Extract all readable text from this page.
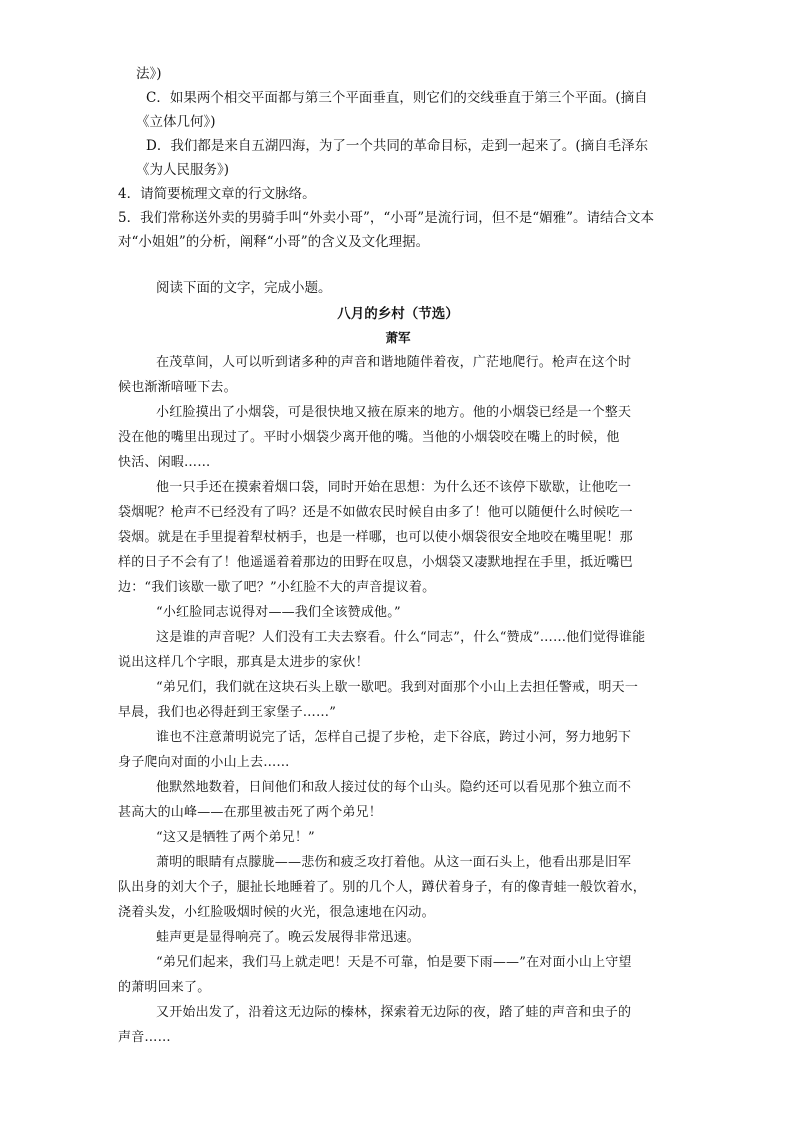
法》)
C．如果两个相交平面都与第三个平面垂直，则它们的交线垂直于第三个平面。(摘自
《立体几何》)
D．我们都是来自五湖四海，为了一个共同的革命目标，走到一起来了。(摘自毛泽东
《为人民服务》)
4．请简要梳理文章的行文脉络。
5．我们常称送外卖的男骑手叫“外卖小哥”，“小哥”是流行词，但不是“媚雅”。请结合文本
对“小姐姐”的分析，阐释“小哥”的含义及文化理据。
阅读下面的文字，完成小题。
八月的乡村（节选）
萧军
在茂草间，人可以听到诸多种的声音和谐地随伴着夜，广茫地爬行。枪声在这个时
候也渐渐喑哑下去。
小红脸摸出了小烟袋，可是很快地又掖在原来的地方。他的小烟袋已经是一个整天
没在他的嘴里出现过了。平时小烟袋少离开他的嘴。当他的小烟袋咬在嘴上的时候，他
快活、闲暇……
他一只手还在摸索着烟口袋，同时开始在思想：为什么还不该停下歇歇，让他吃一
袋烟呢？枪声不已经没有了吗？还是不如做农民时候自由多了！他可以随便什么时候吃一
袋烟。就是在手里提着犁杖柄手，也是一样哪，也可以使小烟袋很安全地咬在嘴里呢！那
样的日子不会有了！他遥遥着着那边的田野在叹息，小烟袋又凄默地捏在手里，抵近嘴巴
边：“我们该歇一歇了吧？”小红脸不大的声音提议着。
“小红脸同志说得对——我们全该赞成他。”
这是谁的声音呢？人们没有工夫去察看。什么“同志”，什么“赞成”……他们觉得谁能
说出这样几个字眼，那真是太进步的家伙！
“弟兄们，我们就在这块石头上歇一歇吧。我到对面那个小山上去担任警戒，明天一
早晨，我们也必得赶到王家堡子……”
谁也不注意萧明说完了话，怎样自己提了步枪，走下谷底，跨过小河，努力地躬下
身子爬向对面的小山上去……
他默然地数着，日间他们和敌人接过仗的每个山头。隐约还可以看见那个独立而不
甚高大的山峰——在那里被击死了两个弟兄！
“这又是牺牲了两个弟兄！”
萧明的眼睛有点朦胧——悲伤和疲乏攻打着他。从这一面石头上，他看出那是旧军
队出身的刘大个子，腿扯长地睡着了。别的几个人，蹲伏着身子，有的像青蛙一般饮着水，
浇着头发，小红脸吸烟时候的火光，很急速地在闪动。
蛙声更是显得响亮了。晚云发展得非常迅速。
“弟兄们起来，我们马上就走吧！天是不可靠，怕是要下雨——”在对面小山上守望
的萧明回来了。
又开始出发了，沿着这无边际的榛林，探索着无边际的夜，踏了蛙的声音和虫子的
声音……
